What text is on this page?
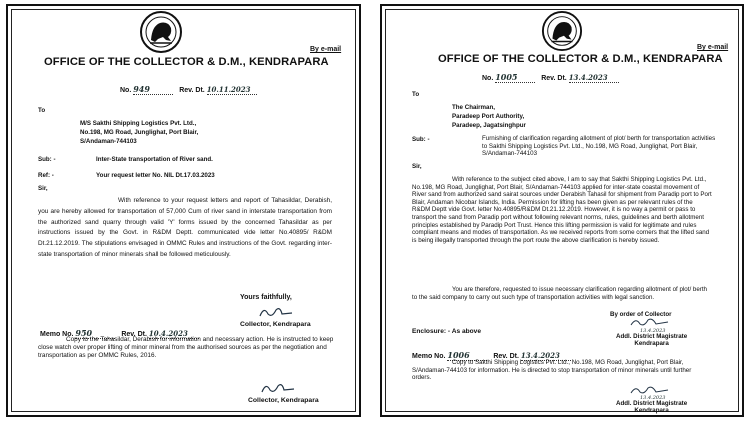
By e-mail
OFFICE OF THE COLLECTOR & D.M., KENDRAPARA
No. 949	Rev. Dt. 10.11.2023
To
M/S Sakthi Shipping Logistics Pvt. Ltd.,
No.198, MG Road, Junglighat, Port Blair,
S/Andaman-744103
Sub: -	Inter-State transportation of River sand.
Ref: -	Your request letter No. NIL Dt.17.03.2023
Sir,
With reference to your request letters and report of Tahasildar, Derabish, you are hereby allowed for transportation of 57,000 Cum of river sand in interstate transportation from the authorized sand quarry through valid 'Y' forms issued by the concerned Tahasildar as per instructions issued by the Govt. in R&DM Deptt. communicated vide letter No.40895/ R&DM Dt.21.12.2019. The stipulations envisaged in OMMC Rules and instructions of the Govt. regarding inter-state transportation of minor minerals shall be followed meticulously.
Yours faithfully,
Memo No. 950	Rev. Dt. 10.4.2023
Collector, Kendrapara
Copy to the Tahasildar, Derabish for information and necessary action. He is instructed to keep close watch over proper lifting of minor mineral from the authorised sources as per the negotiation and transportation as per OMMC Rules, 2016.
Collector, Kendrapara
By e-mail
OFFICE OF THE COLLECTOR & D.M., KENDRAPARA
No. 1005	Rev. Dt. 13.4.2023
To
The Chairman,
Paradeep Port Authority,
Paradeep, Jagatsinghpur
Sub: -	Furnishing of clarification regarding allotment of plot/ berth for transportation activities to Sakthi Shipping Logistics Pvt. Ltd., No.198, MG Road, Junglighat, Port Blair, S/Andaman-744103
Sir,
With reference to the subject cited above, I am to say that Sakthi Shipping Logistics Pvt. Ltd., No.198, MG Road, Junglighat, Port Blair, S/Andaman-744103 applied for inter-state coastal movement of River sand from authorized sand sairat sources under Derabish Tahasil for shipment from Paradip port to Port Blair, Andaman Nicobar Islands, India. Permission for lifting has been given as per relevant rules of the R&DM Deptt vide Govt. letter No.40895/R&DM Dt.21.12.2019. However, it is no way a permit or pass to transport the sand from Paradip port without following relevant norms, rules, guidelines and berth allotment principles established by Paradip Port Trust. Hence this lifting permission is valid for legitimate and rules compliant means and modes of transportation. As we received reports from some corners that the lifted sand is being illegally transported through the port route the above clarification is hereby issued.
You are therefore, requested to issue necessary clarification regarding allotment of plot/ berth to the said company to carry out such type of transportation activities with legal sanction.
By order of Collector
13.4.2023
Addl. District Magistrate
Kendrapara
Enclosure: - As above
Memo No. 1006	Rev. Dt. 13.4.2023
Copy to Sakthi Shipping Logistics Pvt. Ltd., No.198, MG Road, Junglighat, Port Blair, S/Andaman-744103 for information. He is directed to stop transportation of minor minerals until further orders.
13.4.2023
Addl. District Magistrate
Kendrapara
